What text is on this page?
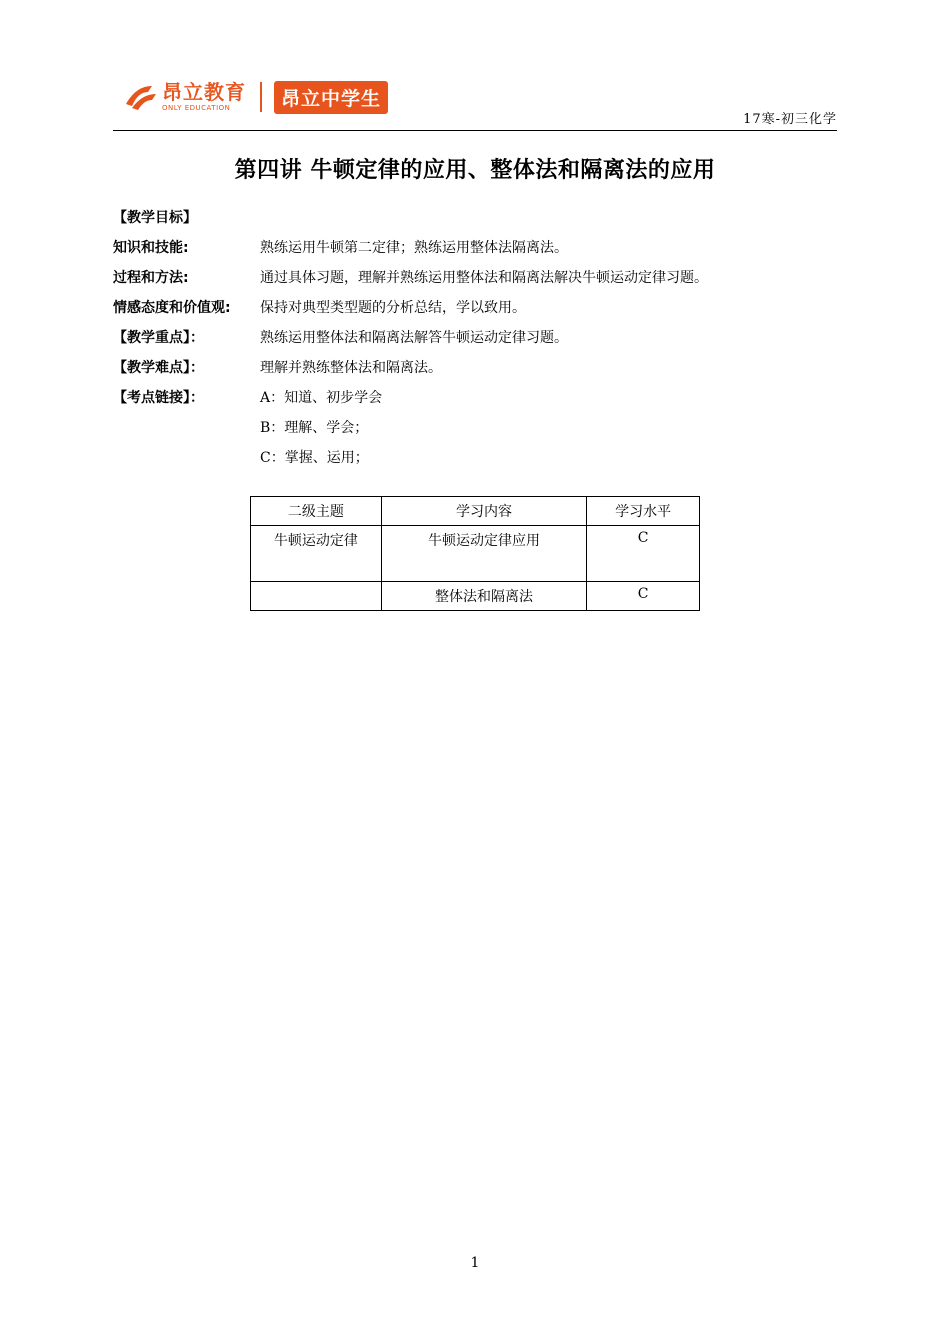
昂立教育
ONLY EDUCATION	昂立中学生
17寒-初三化学
第四讲 牛顿定律的应用、整体法和隔离法的应用
【教学目标】
知识和技能:	熟练运用牛顿第二定律；熟练运用整体法隔离法。
过程和方法:	通过具体习题，理解并熟练运用整体法和隔离法解决牛顿运动定律习题。
情感态度和价值观: 保持对典型类型题的分析总结，学以致用。
【教学重点】：	熟练运用整体法和隔离法解答牛顿运动定律习题。
【教学难点】：	理解并熟练整体法和隔离法。
【考点链接】：	A：知道、初步学会
B：理解、学会；
C：掌握、运用；
二级主题	学习内容	学习水平
牛顿运动定律	牛顿运动定律应用	C
	整体法和隔离法	C
1
